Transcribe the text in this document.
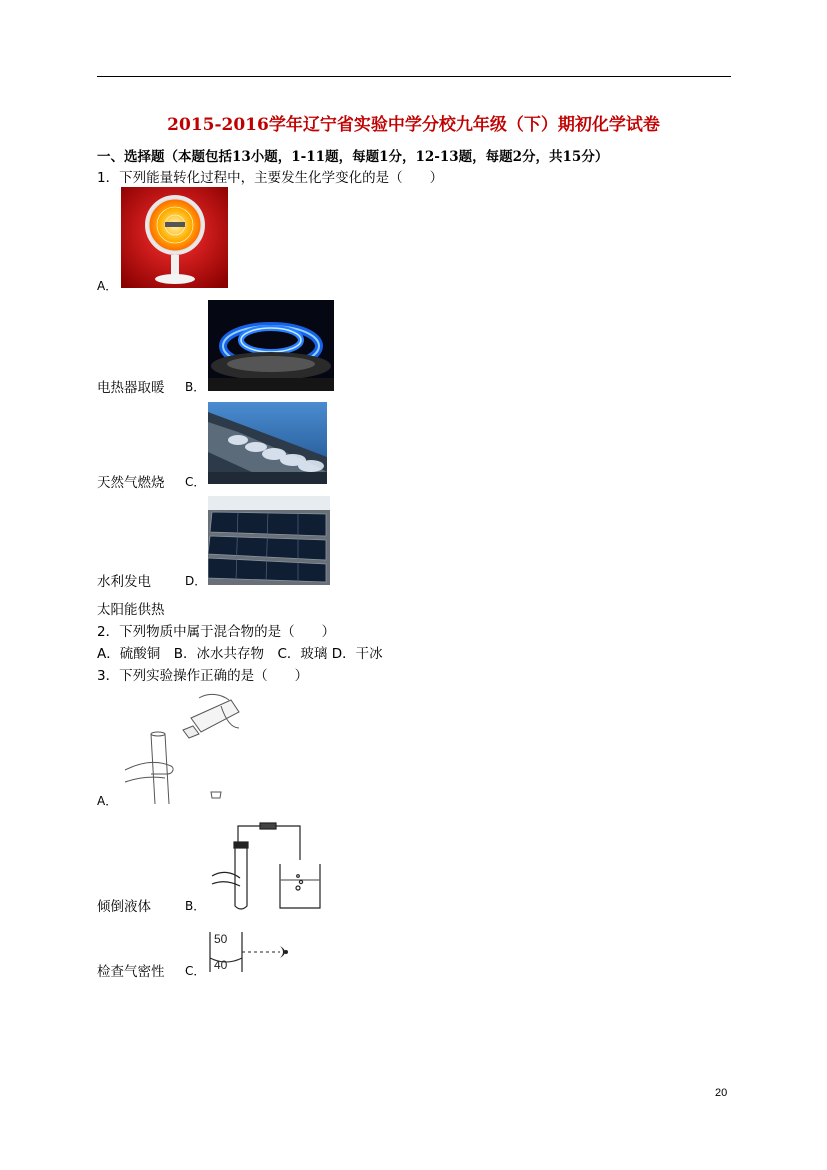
2015-2016学年辽宁省实验中学分校九年级（下）期初化学试卷
一、选择题（本题包括13小题，1-11题，每题1分，12-13题，每题2分，共15分）
1．下列能量转化过程中，主要发生化学变化的是（　　）
A．
电热器取暖 B．
天然气燃烧 C．
水利发电	D．
太阳能供热
2．下列物质中属于混合物的是（　　）
A．硫酸铜　B．冰水共存物　C．玻璃 D．干冰
3．下列实验操作正确的是（　　）
A．
倾倒液体	B．
检查气密性 C．
50
40
20
